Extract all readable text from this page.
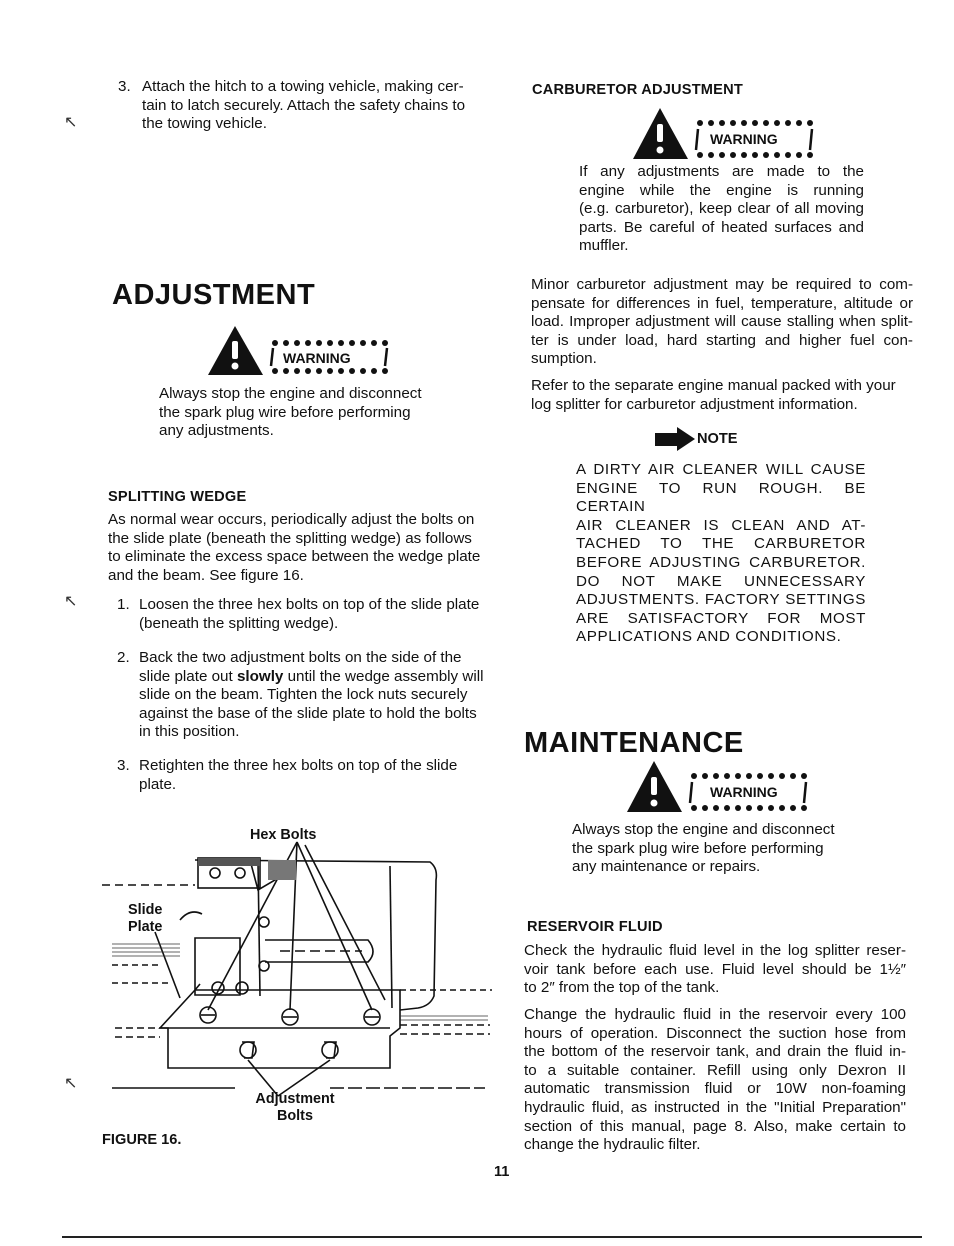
3. Attach the hitch to a towing vehicle, making cer-
tain to latch securely. Attach the safety chains to
the towing vehicle.
ADJUSTMENT
WARNING
Always stop the engine and disconnect
the spark plug wire before performing
any adjustments.
SPLITTING WEDGE
As normal wear occurs, periodically adjust the bolts on
the slide plate (beneath the splitting wedge) as follows
to eliminate the excess space between the wedge plate
and the beam. See figure 16.
1. Loosen the three hex bolts on top of the slide plate
(beneath the splitting wedge).
2. Back the two adjustment bolts on the side of the
slide plate out slowly until the wedge assembly will
slide on the beam. Tighten the lock nuts securely
against the base of the slide plate to hold the bolts
in this position.
3. Retighten the three hex bolts on top of the slide
plate.
Hex Bolts
Slide
Plate
Adjustment
Bolts
FIGURE 16.
CARBURETOR ADJUSTMENT
WARNING
If any adjustments are made to the
engine while the engine is running
(e.g. carburetor), keep clear of all moving
parts. Be careful of heated surfaces and
muffler.
Minor carburetor adjustment may be required to com-
pensate for differences in fuel, temperature, altitude or
load. Improper adjustment will cause stalling when split-
ter is under load, hard starting and higher fuel con-
sumption.
Refer to the separate engine manual packed with your
log splitter for carburetor adjustment information.
NOTE
A DIRTY AIR CLEANER WILL CAUSE
ENGINE TO RUN ROUGH. BE CERTAIN
AIR CLEANER IS CLEAN AND AT-
TACHED TO THE CARBURETOR
BEFORE ADJUSTING CARBURETOR.
DO NOT MAKE UNNECESSARY
ADJUSTMENTS. FACTORY SETTINGS
ARE SATISFACTORY FOR MOST
APPLICATIONS AND CONDITIONS.
MAINTENANCE
WARNING
Always stop the engine and disconnect
the spark plug wire before performing
any maintenance or repairs.
RESERVOIR FLUID
Check the hydraulic fluid level in the log splitter reser-
voir tank before each use. Fluid level should be 1½″
to 2″ from the top of the tank.
Change the hydraulic fluid in the reservoir every 100
hours of operation. Disconnect the suction hose from
the bottom of the reservoir tank, and drain the fluid in-
to a suitable container. Refill using only Dexron II
automatic transmission fluid or 10W non-foaming
hydraulic fluid, as instructed in the "Initial Preparation"
section of this manual, page 8. Also, make certain to
change the hydraulic filter.
11
↖
↖
↖
